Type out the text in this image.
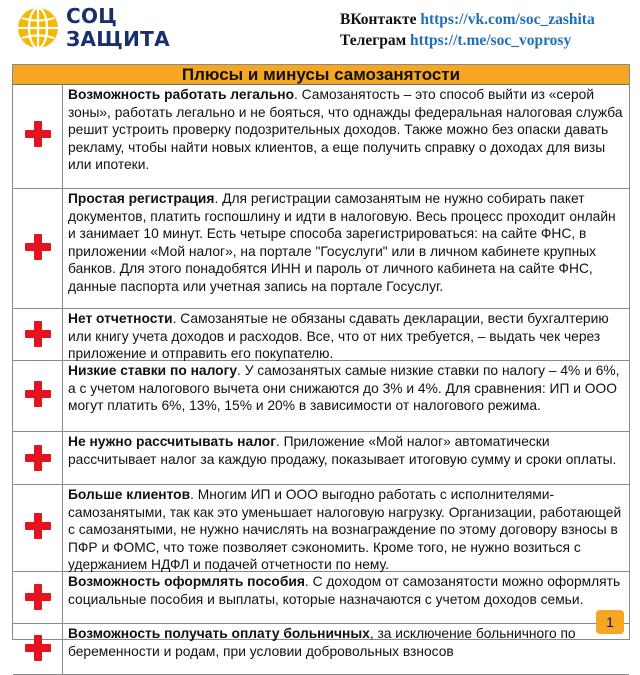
СОЦ
ЗАЩИТА
ВКонтакте https://vk.com/soc_zashita
Телеграм https://t.me/soc_voprosy
Плюсы и минусы самозанятости
Возможность работать легально. Самозанятость – это способ выйти из «серой зоны», работать легально и не бояться, что однажды федеральная налоговая служба решит устроить проверку подозрительных доходов. Также можно без опаски давать рекламу, чтобы найти новых клиентов, а еще получить справку о доходах для визы или ипотеки.
Простая регистрация. Для регистрации самозанятым не нужно собирать пакет документов, платить госпошлину и идти в налоговую. Весь процесс проходит онлайн и занимает 10 минут. Есть четыре способа зарегистрироваться: на сайте ФНС, в приложении «Мой налог», на портале "Госуслуги" или в личном кабинете крупных банков. Для этого понадобятся ИНН и пароль от личного кабинета на сайте ФНС, данные паспорта или учетная запись на портале Госуслуг.
Нет отчетности. Самозанятые не обязаны сдавать декларации, вести бухгалтерию или книгу учета доходов и расходов. Все, что от них требуется, – выдать чек через приложение и отправить его покупателю.
Низкие ставки по налогу. У самозанятых самые низкие ставки по налогу – 4% и 6%, а с учетом налогового вычета они снижаются до 3% и 4%. Для сравнения: ИП и ООО могут платить 6%, 13%, 15% и 20% в зависимости от налогового режима.
Не нужно рассчитывать налог. Приложение «Мой налог» автоматически рассчитывает налог за каждую продажу, показывает итоговую сумму и сроки оплаты.
Больше клиентов. Многим ИП и ООО выгодно работать с исполнителями-самозанятыми, так как это уменьшает налоговую нагрузку. Организации, работающей с самозанятыми, не нужно начислять на вознаграждение по этому договору взносы в ПФР и ФОМС, что тоже позволяет сэкономить. Кроме того, не нужно возиться с удержанием НДФЛ и подачей отчетности по нему.
Возможность оформлять пособия. С доходом от самозанятости можно оформлять социальные пособия и выплаты, которые назначаются с учетом доходов семьи.
Возможность получать оплату больничных, за исключение больничного по беременности и родам, при условии добровольных взносов
1
